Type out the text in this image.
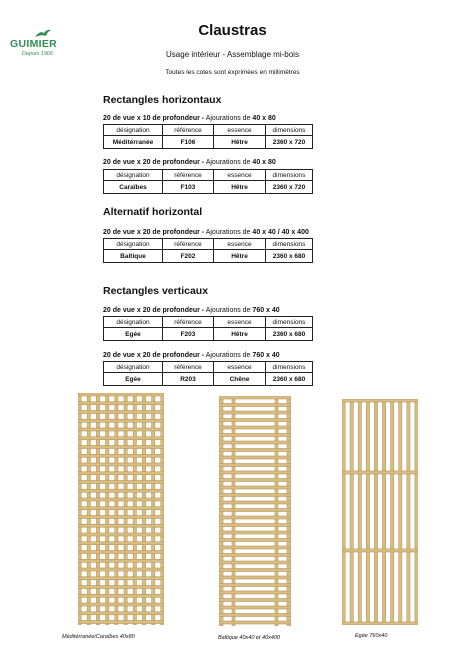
GUIMIER
Depuis 1906
Claustras
Usage intérieur - Assemblage mi-bois
Toutes les cotes sont exprimées en millimètres
Rectangles horizontaux
20 de vue x 10 de profondeur - Ajourations de 40 x 80
désignation	référence	essence	dimensions
Méditérranée	F106	Hêtre	2360 x 720
20 de vue x 20 de profondeur - Ajourations de 40 x 80
désignation	référence	essence	dimensions
Caraïbes	F103	Hêtre	2360 x 720
Alternatif horizontal
20 de vue x 20 de profondeur - Ajourations de 40 x 40 / 40 x 400
désignation	référence	essence	dimensions
Baltique	F202	Hêtre	2360 x 680
Rectangles verticaux
20 de vue x 20 de profondeur - Ajourations de 760 x 40
désignation	référence	essence	dimensions
Egée	F203	Hêtre	2360 x 680
20 de vue x 20 de profondeur - Ajourations de 760 x 40
désignation	référence	essence	dimensions
Egée	R203	Chêne	2360 x 680
Méditérranée/Caraïbes 40x80	Baltique 40x40 et 40x400	Egée 760x40
